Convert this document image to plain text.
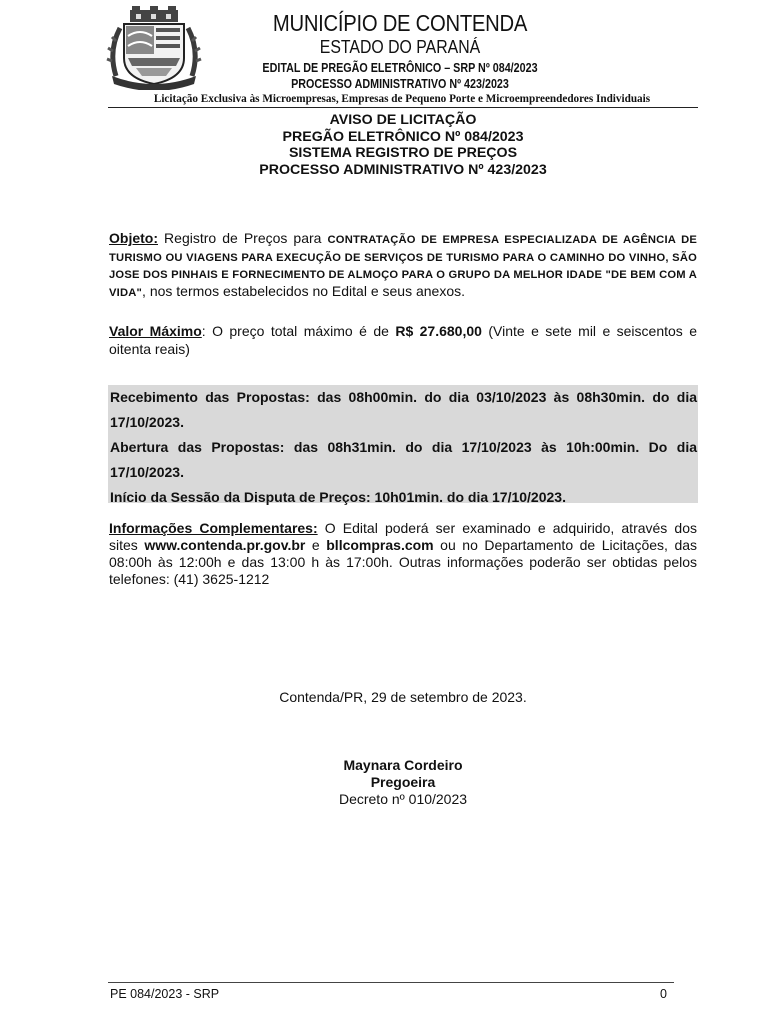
MUNICÍPIO DE CONTENDA
ESTADO DO PARANÁ
EDITAL DE PREGÃO ELETRÔNICO – SRP Nº 084/2023
PROCESSO ADMINISTRATIVO Nº 423/2023
Licitação Exclusiva às Microempresas, Empresas de Pequeno Porte e Microempreendedores Individuais
AVISO DE LICITAÇÃO
PREGÃO ELETRÔNICO Nº 084/2023
SISTEMA REGISTRO DE PREÇOS
PROCESSO ADMINISTRATIVO Nº 423/2023
Objeto: Registro de Preços para CONTRATAÇÃO DE EMPRESA ESPECIALIZADA DE AGÊNCIA DE TURISMO OU VIAGENS PARA EXECUÇÃO DE SERVIÇOS DE TURISMO PARA O CAMINHO DO VINHO, SÃO JOSE DOS PINHAIS E FORNECIMENTO DE ALMOÇO PARA O GRUPO DA MELHOR IDADE "DE BEM COM A VIDA", nos termos estabelecidos no Edital e seus anexos.
Valor Máximo: O preço total máximo é de R$ 27.680,00 (Vinte e sete mil e seiscentos e oitenta reais)
Recebimento das Propostas: das 08h00min. do dia 03/10/2023 às 08h30min. do dia 17/10/2023.
Abertura das Propostas: das 08h31min. do dia 17/10/2023 às 10h:00min. Do dia 17/10/2023.
Início da Sessão da Disputa de Preços: 10h01min. do dia 17/10/2023.
Informações Complementares: O Edital poderá ser examinado e adquirido, através dos sites www.contenda.pr.gov.br e bllcompras.com ou no Departamento de Licitações, das 08:00h às 12:00h e das 13:00 h às 17:00h. Outras informações poderão ser obtidas pelos telefones: (41) 3625-1212
Contenda/PR, 29 de setembro de 2023.
Maynara Cordeiro
Pregoeira
Decreto nº 010/2023
PE 084/2023 - SRP	0
